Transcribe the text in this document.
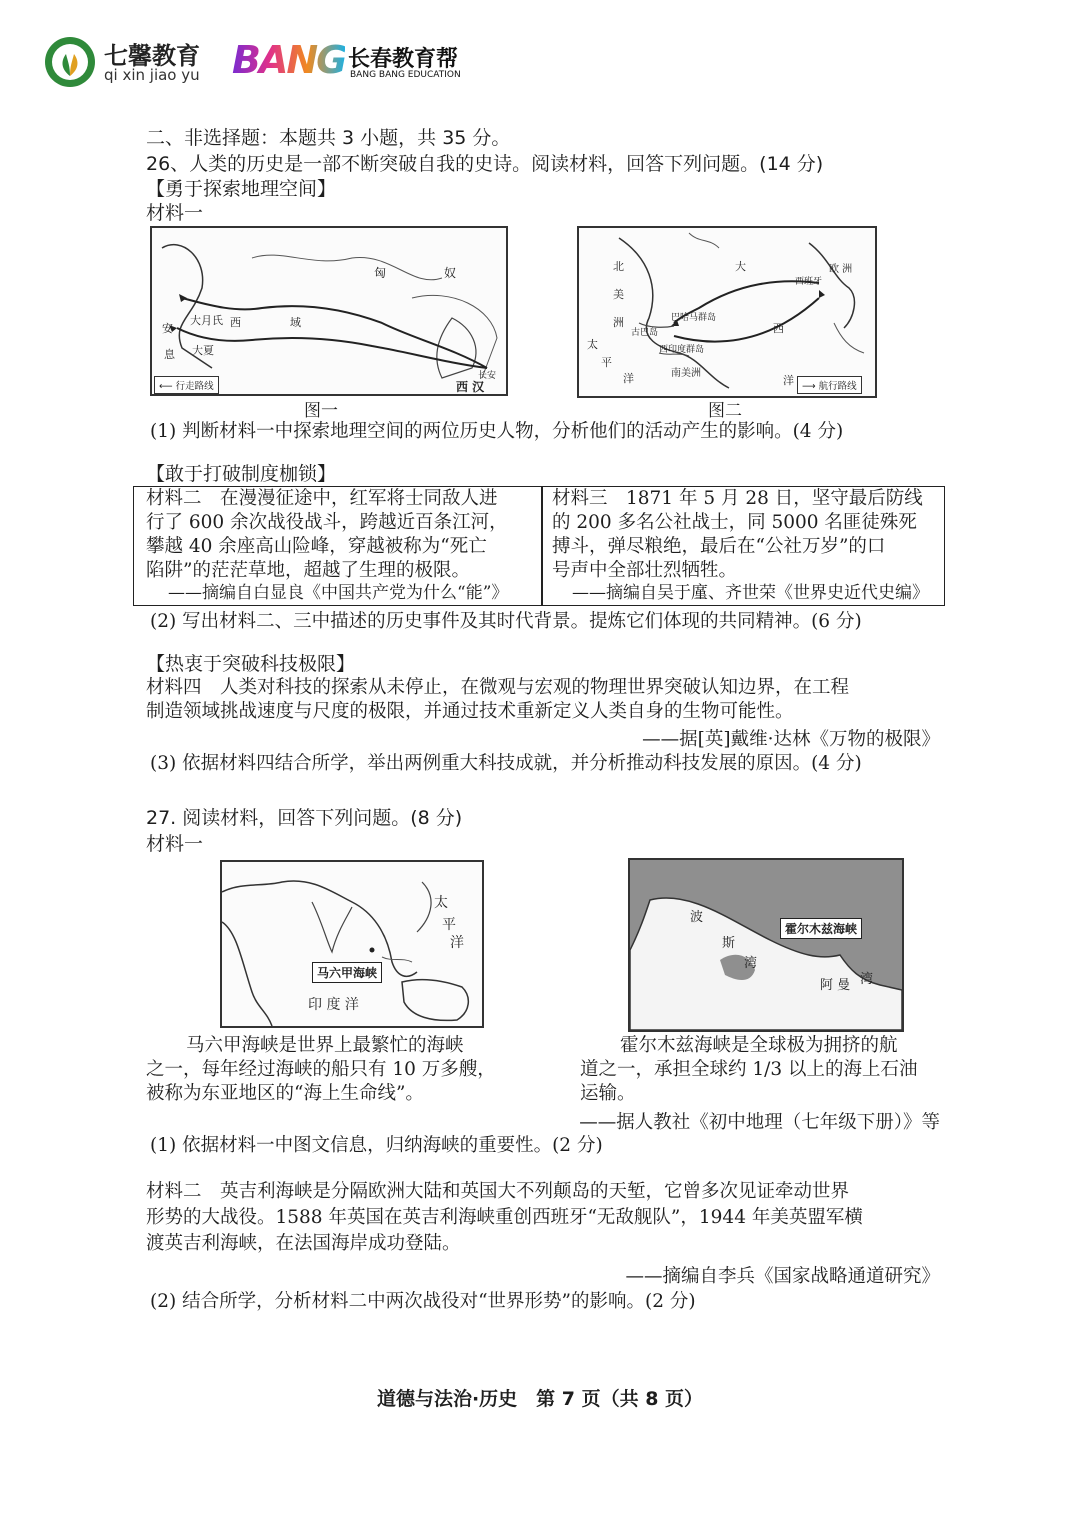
七馨教育
qi xin jiao yu BANG 长春教育帮
BANG BANG EDUCATION
二、非选择题：本题共 3 小题，共 35 分。
26、人类的历史是一部不断突破自我的史诗。阅读材料，回答下列问题。(14 分)
【勇于探索地理空间】
材料一
匈	奴
大月氏 西	域
安
息 大夏
长安
西 汉
⟵ 行走路线
图一
北
美
洲
大	欧 洲
西班牙
巴哈马群岛
古巴岛
西印度群岛
西
太
平
洋	南美洲
洋 ⟶ 航行路线
图二
(1) 判断材料一中探索地理空间的两位历史人物，分析他们的活动产生的影响。(4 分)
【敢于打破制度枷锁】
材料二　在漫漫征途中，红军将士同敌人进
行了 600 余次战役战斗，跨越近百条江河，
攀越 40 余座高山险峰，穿越被称为“死亡
陷阱”的茫茫草地，超越了生理的极限。
——摘编自白显良《中国共产党为什么“能”》
材料三　1871 年 5 月 28 日，坚守最后防线
的 200 多名公社战士，同 5000 名匪徒殊死
搏斗，弹尽粮绝，最后在“公社万岁”的口
号声中全部壮烈牺牲。
——摘编自吴于廑、齐世荣《世界史近代史编》
(2) 写出材料二、三中描述的历史事件及其时代背景。提炼它们体现的共同精神。(6 分)
【热衷于突破科技极限】
材料四　人类对科技的探索从未停止，在微观与宏观的物理世界突破认知边界，在工程
制造领域挑战速度与尺度的极限，并通过技术重新定义人类自身的生物可能性。
——据[英]戴维·达林《万物的极限》
(3) 依据材料四结合所学，举出两例重大科技成就，并分析推动科技发展的原因。(4 分)
27. 阅读材料，回答下列问题。(8 分)
材料一
太
平
洋
印 度 洋
马六甲海峡
波
斯
湾
阿 曼 湾
霍尔木兹海峡
马六甲海峡是世界上最繁忙的海峡
之一，每年经过海峡的船只有 10 万多艘，
被称为东亚地区的“海上生命线”。
霍尔木兹海峡是全球极为拥挤的航
道之一，承担全球约 1/3 以上的海上石油
运输。
——据人教社《初中地理（七年级下册）》等
(1) 依据材料一中图文信息，归纳海峡的重要性。(2 分)
材料二　英吉利海峡是分隔欧洲大陆和英国大不列颠岛的天堑，它曾多次见证牵动世界
形势的大战役。1588 年英国在英吉利海峡重创西班牙“无敌舰队”，1944 年美英盟军横
渡英吉利海峡，在法国海岸成功登陆。
——摘编自李兵《国家战略通道研究》
(2) 结合所学，分析材料二中两次战役对“世界形势”的影响。(2 分)
道德与法治·历史　第 7 页（共 8 页）
